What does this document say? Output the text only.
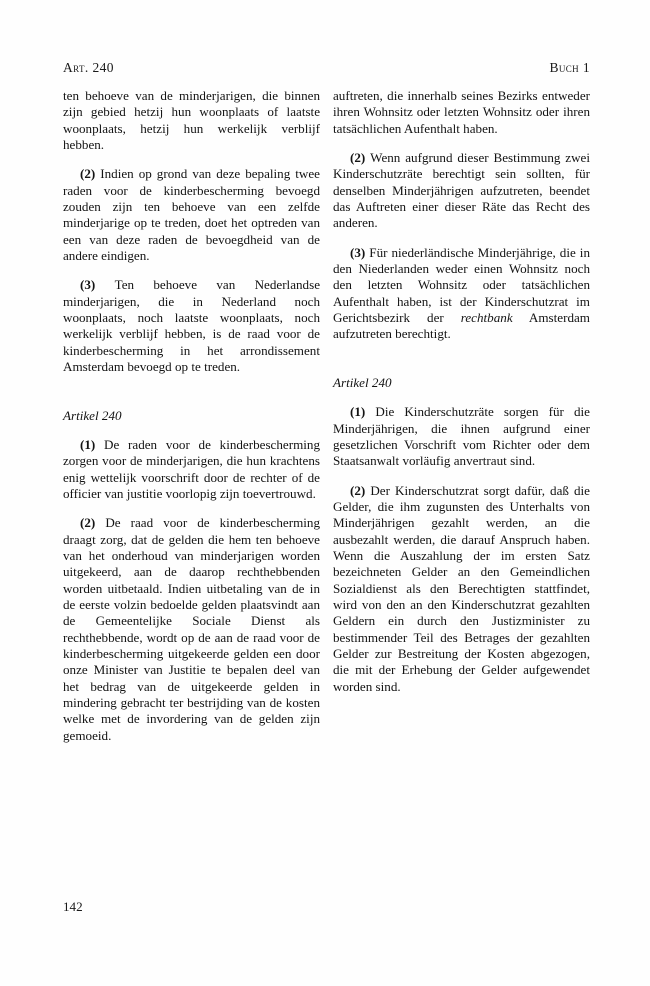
Art. 240	Buch 1

ten behoeve van de minderjarigen, die binnen zijn gebied hetzij hun woonplaats of laatste woonplaats, hetzij hun werkelijk verblijf hebben.

(2) Indien op grond van deze bepaling twee raden voor de kinderbescherming bevoegd zouden zijn ten behoeve van een zelfde minderjarige op te treden, doet het optreden van een van deze raden de bevoegdheid van de andere eindigen.

(3) Ten behoeve van Nederlandse minderjarigen, die in Nederland noch woonplaats, noch laatste woonplaats, noch werkelijk verblijf hebben, is de raad voor de kinderbescherming in het arrondissement Amsterdam bevoegd op te treden.

Artikel 240

(1) De raden voor de kinderbescherming zorgen voor de minderjarigen, die hun krachtens enig wettelijk voorschrift door de rechter of de officier van justitie voorlopig zijn toevertrouwd.

(2) De raad voor de kinderbescherming draagt zorg, dat de gelden die hem ten behoeve van het onderhoud van minderjarigen worden uitgekeerd, aan de daarop rechthebbenden worden uitbetaald. Indien uitbetaling van de in de eerste volzin bedoelde gelden plaatsvindt aan de Gemeentelijke Sociale Dienst als rechthebbende, wordt op de aan de raad voor de kinderbescherming uitgekeerde gelden een door onze Minister van Justitie te bepalen deel van het bedrag van de uitgekeerde gelden in mindering gebracht ter bestrijding van de kosten welke met de invordering van de gelden zijn gemoeid.

auftreten, die innerhalb seines Bezirks entweder ihren Wohnsitz oder letzten Wohnsitz oder ihren tatsächlichen Aufenthalt haben.

(2) Wenn aufgrund dieser Bestimmung zwei Kinderschutzräte berechtigt sein sollten, für denselben Minderjährigen aufzutreten, beendet das Auftreten einer dieser Räte das Recht des anderen.

(3) Für niederländische Minderjährige, die in den Niederlanden weder einen Wohnsitz noch den letzten Wohnsitz oder tatsächlichen Aufenthalt haben, ist der Kinderschutzrat im Gerichtsbezirk der rechtbank Amsterdam aufzutreten berechtigt.

Artikel 240

(1) Die Kinderschutzräte sorgen für die Minderjährigen, die ihnen aufgrund einer gesetzlichen Vorschrift vom Richter oder dem Staatsanwalt vorläufig anvertraut sind.

(2) Der Kinderschutzrat sorgt dafür, daß die Gelder, die ihm zugunsten des Unterhalts von Minderjährigen gezahlt werden, an die ausbezahlt werden, die darauf Anspruch haben. Wenn die Auszahlung der im ersten Satz bezeichneten Gelder an den Gemeindlichen Sozialdienst als den Berechtigten stattfindet, wird von den an den Kinderschutzrat gezahlten Geldern ein durch den Justizminister zu bestimmender Teil des Betrages der gezahlten Gelder zur Bestreitung der Kosten abgezogen, die mit der Erhebung der Gelder aufgewendet worden sind.

142
